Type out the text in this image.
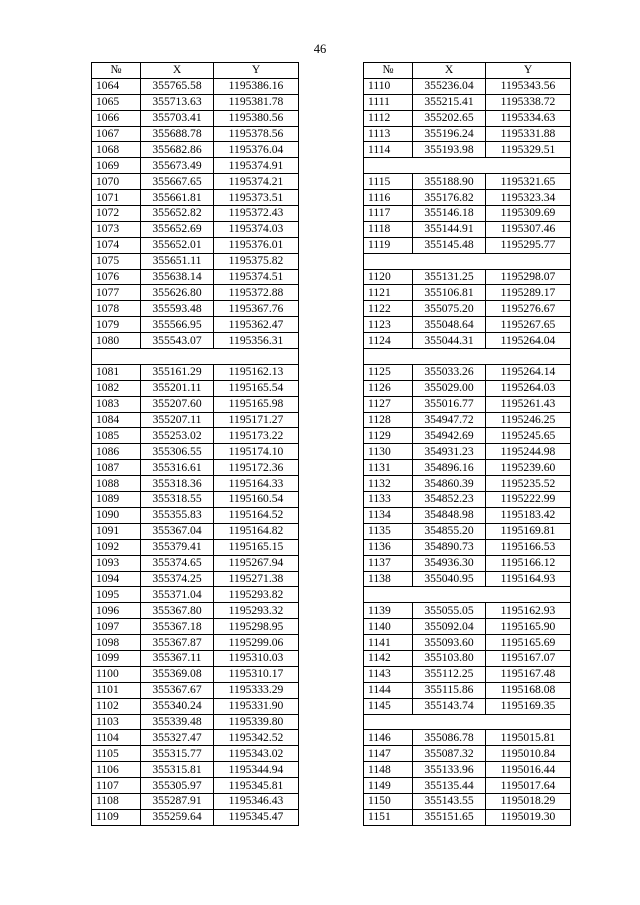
46
№	X	Y
1064	355765.58	1195386.16
1065	355713.63	1195381.78
1066	355703.41	1195380.56
1067	355688.78	1195378.56
1068	355682.86	1195376.04
1069	355673.49	1195374.91
1070	355667.65	1195374.21
1071	355661.81	1195373.51
1072	355652.82	1195372.43
1073	355652.69	1195374.03
1074	355652.01	1195376.01
1075	355651.11	1195375.82
1076	355638.14	1195374.51
1077	355626.80	1195372.88
1078	355593.48	1195367.76
1079	355566.95	1195362.47
1080	355543.07	1195356.31

1081	355161.29	1195162.13
1082	355201.11	1195165.54
1083	355207.60	1195165.98
1084	355207.11	1195171.27
1085	355253.02	1195173.22
1086	355306.55	1195174.10
1087	355316.61	1195172.36
1088	355318.36	1195164.33
1089	355318.55	1195160.54
1090	355355.83	1195164.52
1091	355367.04	1195164.82
1092	355379.41	1195165.15
1093	355374.65	1195267.94
1094	355374.25	1195271.38
1095	355371.04	1195293.82
1096	355367.80	1195293.32
1097	355367.18	1195298.95
1098	355367.87	1195299.06
1099	355367.11	1195310.03
1100	355369.08	1195310.17
1101	355367.67	1195333.29
1102	355340.24	1195331.90
1103	355339.48	1195339.80
1104	355327.47	1195342.52
1105	355315.77	1195343.02
1106	355315.81	1195344.94
1107	355305.97	1195345.81
1108	355287.91	1195346.43
1109	355259.64	1195345.47
№	X	Y
1110	355236.04	1195343.56
1111	355215.41	1195338.72
1112	355202.65	1195334.63
1113	355196.24	1195331.88
1114	355193.98	1195329.51

1115	355188.90	1195321.65
1116	355176.82	1195323.34
1117	355146.18	1195309.69
1118	355144.91	1195307.46
1119	355145.48	1195295.77

1120	355131.25	1195298.07
1121	355106.81	1195289.17
1122	355075.20	1195276.67
1123	355048.64	1195267.65
1124	355044.31	1195264.04

1125	355033.26	1195264.14
1126	355029.00	1195264.03
1127	355016.77	1195261.43
1128	354947.72	1195246.25
1129	354942.69	1195245.65
1130	354931.23	1195244.98
1131	354896.16	1195239.60
1132	354860.39	1195235.52
1133	354852.23	1195222.99
1134	354848.98	1195183.42
1135	354855.20	1195169.81
1136	354890.73	1195166.53
1137	354936.30	1195166.12
1138	355040.95	1195164.93

1139	355055.05	1195162.93
1140	355092.04	1195165.90
1141	355093.60	1195165.69
1142	355103.80	1195167.07
1143	355112.25	1195167.48
1144	355115.86	1195168.08
1145	355143.74	1195169.35

1146	355086.78	1195015.81
1147	355087.32	1195010.84
1148	355133.96	1195016.44
1149	355135.44	1195017.64
1150	355143.55	1195018.29
1151	355151.65	1195019.30
